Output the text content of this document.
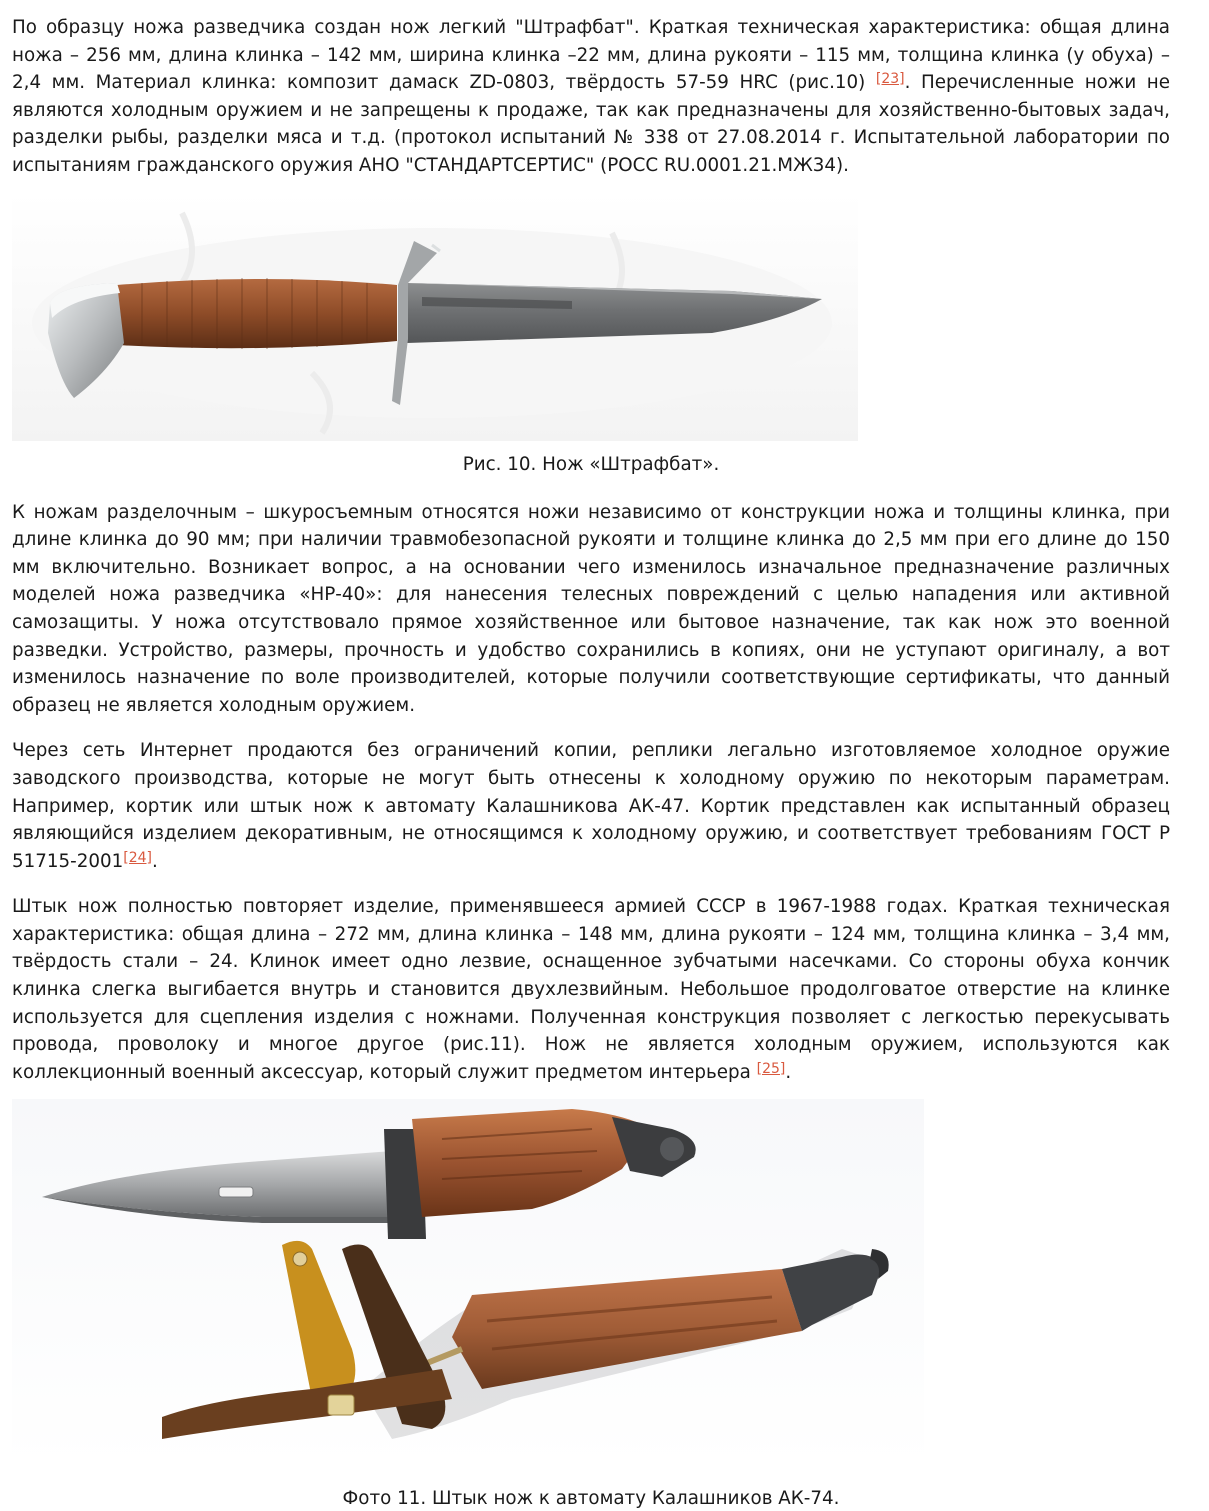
По образцу ножа разведчика создан нож легкий "Штрафбат". Краткая техническая характеристика: общая длина ножа – 256 мм, длина клинка – 142 мм, ширина клинка –22 мм, длина рукояти – 115 мм, толщина клинка (у обуха) – 2,4 мм. Материал клинка: композит дамаск ZD-0803, твёрдость 57-59 HRC (рис.10) [23]. Перечисленные ножи не являются холодным оружием и не запрещены к продаже, так как предназначены для хозяйственно-бытовых задач, разделки рыбы, разделки мяса и т.д. (протокол испытаний № 338 от 27.08.2014 г. Испытательной лаборатории по испытаниям гражданского оружия АНО "СТАНДАРТСЕРТИС" (РОСС RU.0001.21.МЖ34).

Рис. 10. Нож «Штрафбат».

К ножам разделочным – шкуросъемным относятся ножи независимо от конструкции ножа и толщины клинка, при длине клинка до 90 мм; при наличии травмобезопасной рукояти и толщине клинка до 2,5 мм при его длине до 150 мм включительно. Возникает вопрос, а на основании чего изменилось изначальное предназначение различных моделей ножа разведчика «НР-40»: для нанесения телесных повреждений с целью нападения или активной самозащиты. У ножа отсутствовало прямое хозяйственное или бытовое назначение, так как нож это военной разведки. Устройство, размеры, прочность и удобство сохранились в копиях, они не уступают оригиналу, а вот изменилось назначение по воле производителей, которые получили соответствующие сертификаты, что данный образец не является холодным оружием.

Через сеть Интернет продаются без ограничений копии, реплики легально изготовляемое холодное оружие заводского производства, которые не могут быть отнесены к холодному оружию по некоторым параметрам. Например, кортик или штык нож к автомату Калашникова АК-47. Кортик представлен как испытанный образец являющийся изделием декоративным, не относящимся к холодному оружию, и соответствует требованиям ГОСТ Р 51715-2001[24].

Штык нож полностью повторяет изделие, применявшееся армией СССР в 1967-1988 годах. Краткая техническая характеристика: общая длина – 272 мм, длина клинка – 148 мм, длина рукояти – 124 мм, толщина клинка – 3,4 мм, твёрдость стали – 24. Клинок имеет одно лезвие, оснащенное зубчатыми насечками. Со стороны обуха кончик клинка слегка выгибается внутрь и становится двухлезвийным. Небольшое продолговатое отверстие на клинке используется для сцепления изделия с ножнами. Полученная конструкция позволяет с легкостью перекусывать провода, проволоку и многое другое (рис.11). Нож не является холодным оружием, используются как коллекционный военный аксессуар, который служит предметом интерьера [25].

Фото 11. Штык нож к автомату Калашников АК-74.
